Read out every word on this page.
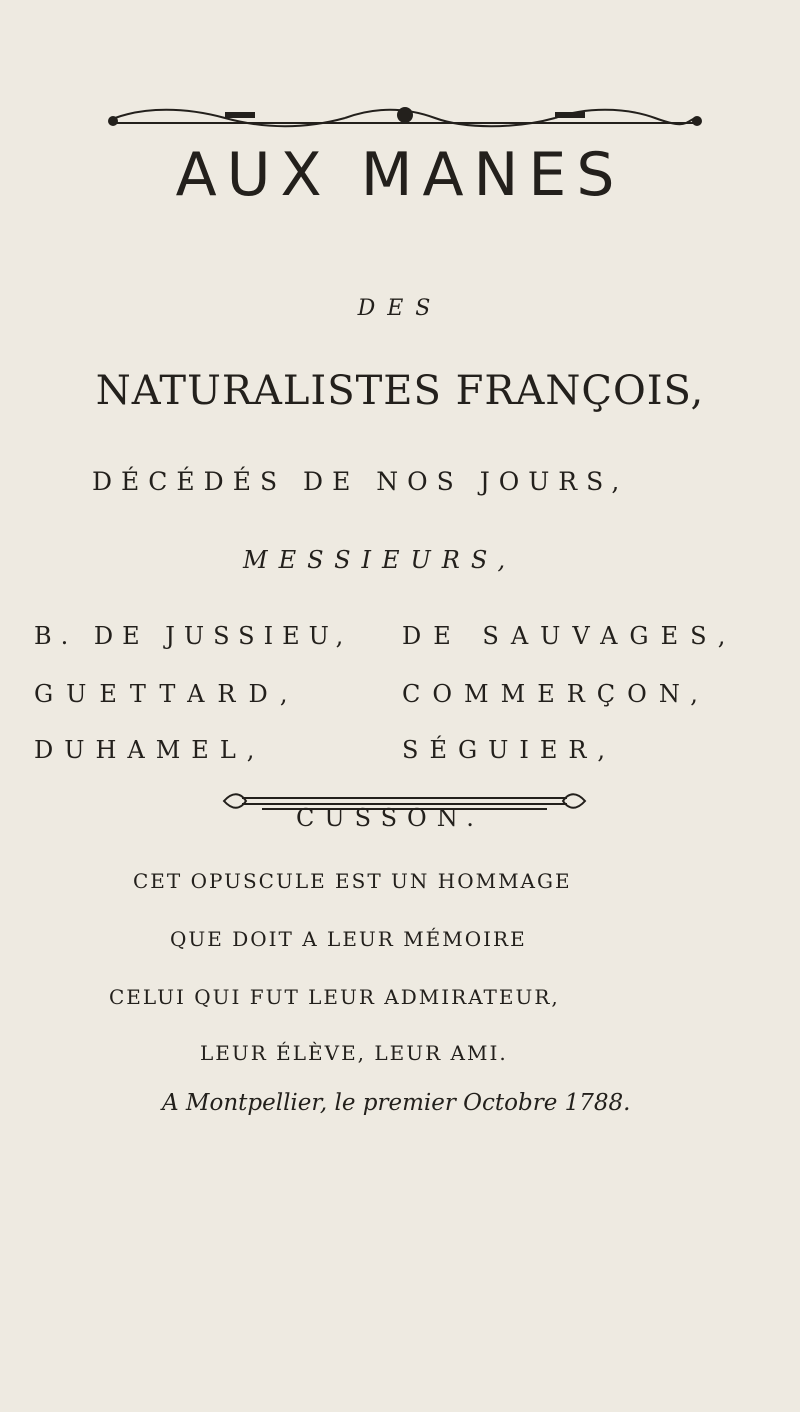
AUX MANES
DES
NATURALISTES FRANÇOIS,
DÉCÉDÉS DE NOS JOURS,
MESSIEURS,
B. DE JUSSIEU, DE SAUVAGES,
GUETTARD,	COMMERÇON,
DUHAMEL,	SÉGUIER,
CUSSON.
CET OPUSCULE EST UN HOMMAGE
QUE DOIT A LEUR MÉMOIRE
CELUI QUI FUT LEUR ADMIRATEUR,
LEUR ÉLÈVE, LEUR AMI.
A Montpellier, le premier Octobre 1788.
